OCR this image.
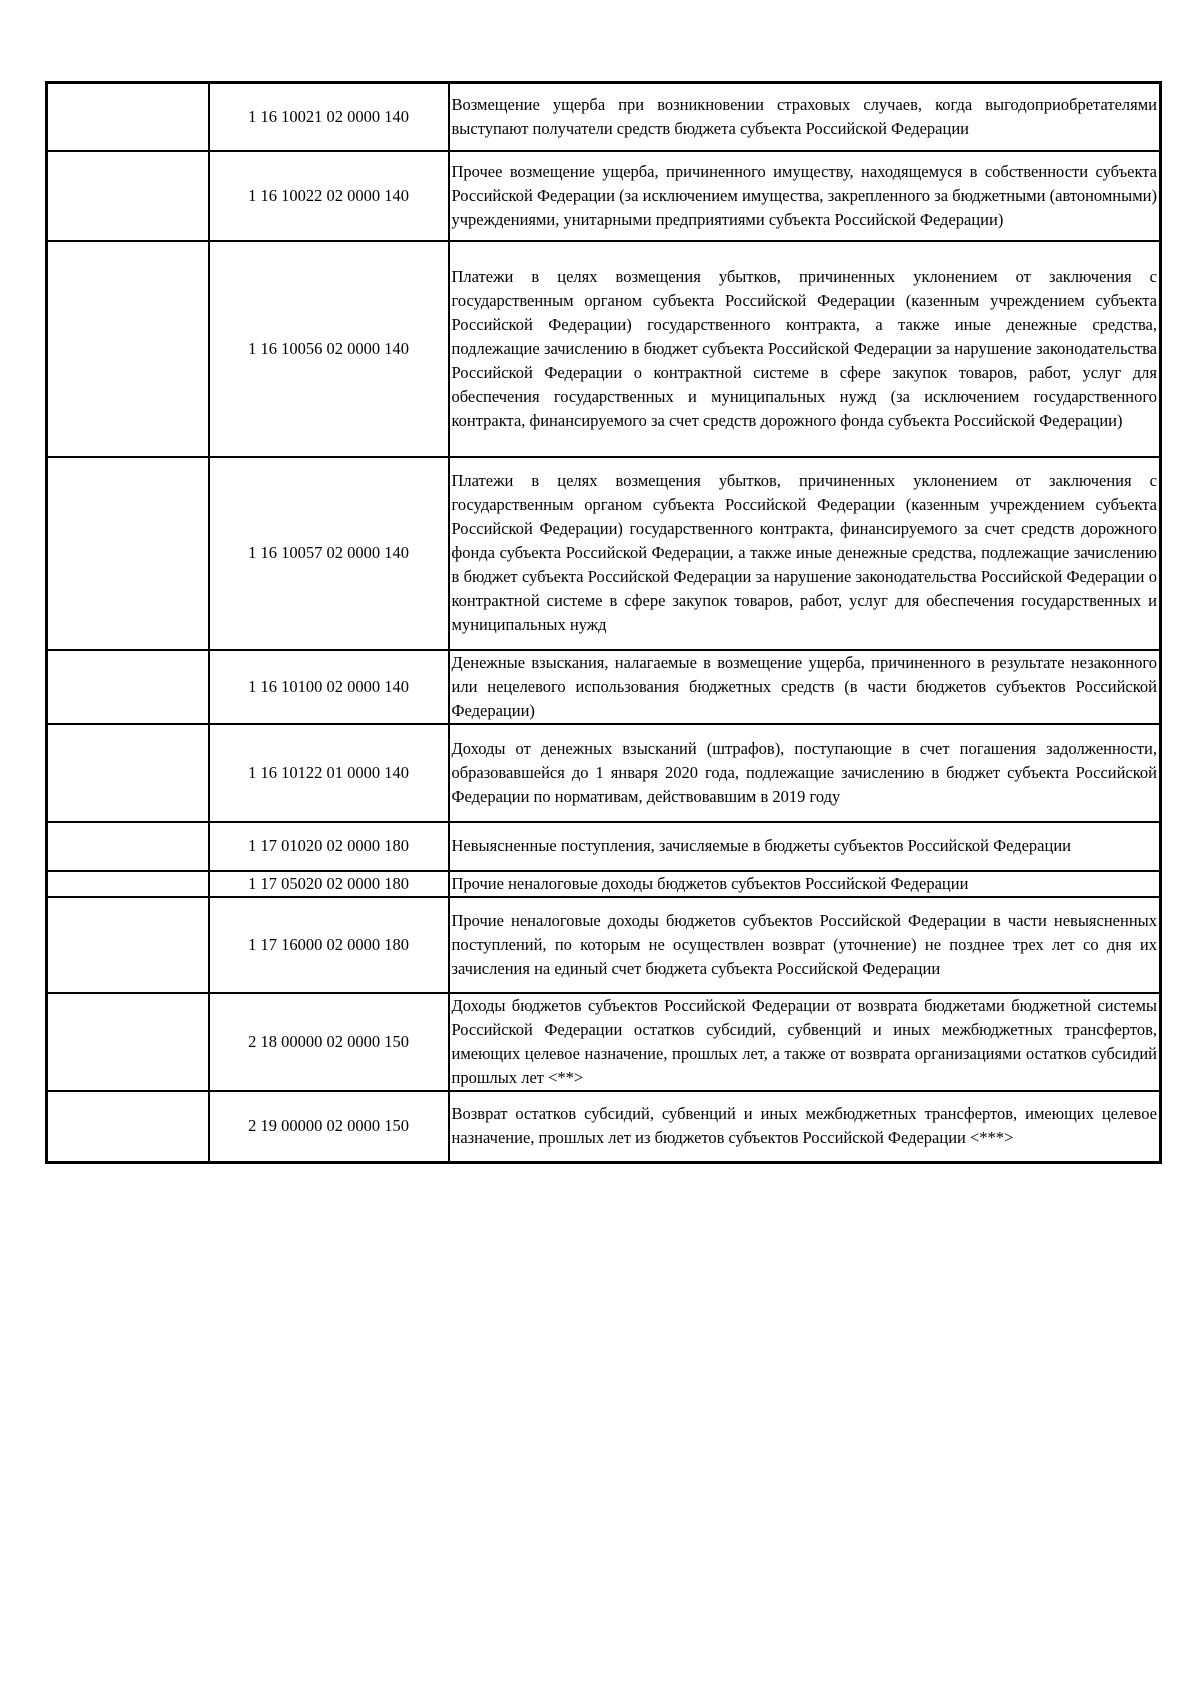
	1 16 10021 02 0000 140	Возмещение ущерба при возникновении страховых случаев, когда выгодоприобретателями выступают получатели средств бюджета субъекта Российской Федерации
	1 16 10022 02 0000 140	Прочее возмещение ущерба, причиненного имуществу, находящемуся в собственности субъекта Российской Федерации (за исключением имущества, закрепленного за бюджетными (автономными) учреждениями, унитарными предприятиями субъекта Российской Федерации)
	1 16 10056 02 0000 140	Платежи в целях возмещения убытков, причиненных уклонением от заключения с государственным органом субъекта Российской Федерации (казенным учреждением субъекта Российской Федерации) государственного контракта, а также иные денежные средства, подлежащие зачислению в бюджет субъекта Российской Федерации за нарушение законодательства Российской Федерации о контрактной системе в сфере закупок товаров, работ, услуг для обеспечения государственных и муниципальных нужд (за исключением государственного контракта, финансируемого за счет средств дорожного фонда субъекта Российской Федерации)
	1 16 10057 02 0000 140	Платежи в целях возмещения убытков, причиненных уклонением от заключения с государственным органом субъекта Российской Федерации (казенным учреждением субъекта Российской Федерации) государственного контракта, финансируемого за счет средств дорожного фонда субъекта Российской Федерации, а также иные денежные средства, подлежащие зачислению в бюджет субъекта Российской Федерации за нарушение законодательства Российской Федерации о контрактной системе в сфере закупок товаров, работ, услуг для обеспечения государственных и муниципальных нужд
	1 16 10100 02 0000 140	Денежные взыскания, налагаемые в возмещение ущерба, причиненного в результате незаконного или нецелевого использования бюджетных средств (в части бюджетов субъектов Российской Федерации)
	1 16 10122 01 0000 140	Доходы от денежных взысканий (штрафов), поступающие в счет погашения задолженности, образовавшейся до 1 января 2020 года, подлежащие зачислению в бюджет субъекта Российской Федерации по нормативам, действовавшим в 2019 году
	1 17 01020 02 0000 180	Невыясненные поступления, зачисляемые в бюджеты субъектов Российской Федерации
	1 17 05020 02 0000 180	Прочие неналоговые доходы бюджетов субъектов Российской Федерации
	1 17 16000 02 0000 180	Прочие неналоговые доходы бюджетов субъектов Российской Федерации в части невыясненных поступлений, по которым не осуществлен возврат (уточнение) не позднее трех лет со дня их зачисления на единый счет бюджета субъекта Российской Федерации
	2 18 00000 02 0000 150	Доходы бюджетов субъектов Российской Федерации от возврата бюджетами бюджетной системы Российской Федерации остатков субсидий, субвенций и иных межбюджетных трансфертов, имеющих целевое назначение, прошлых лет, а также от возврата организациями остатков субсидий прошлых лет <**>
	2 19 00000 02 0000 150	Возврат остатков субсидий, субвенций и иных межбюджетных трансфертов, имеющих целевое назначение, прошлых лет из бюджетов субъектов Российской Федерации <***>
